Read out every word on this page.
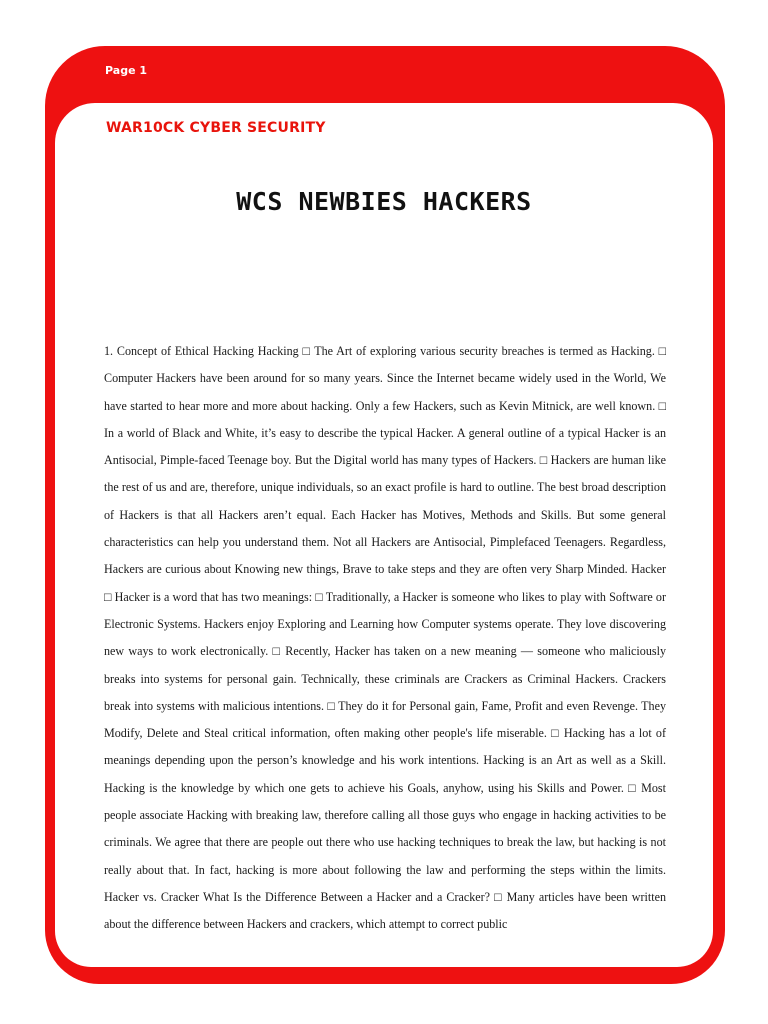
Page 1
WAR10CK CYBER SECURITY
WCS NEWBIES HACKERS

1. Concept of Ethical Hacking Hacking □ The Art of exploring various security breaches is termed as Hacking. □ Computer Hackers have been around for so many years. Since the Internet became widely used in the World, We have started to hear more and more about hacking. Only a few Hackers, such as Kevin Mitnick, are well known. □ In a world of Black and White, it’s easy to describe the typical Hacker. A general outline of a typical Hacker is an Antisocial, Pimple-faced Teenage boy. But the Digital world has many types of Hackers. □ Hackers are human like the rest of us and are, therefore, unique individuals, so an exact profile is hard to outline. The best broad description of Hackers is that all Hackers aren’t equal. Each Hacker has Motives, Methods and Skills. But some general characteristics can help you understand them. Not all Hackers are Antisocial, Pimplefaced Teenagers. Regardless, Hackers are curious about Knowing new things, Brave to take steps and they are often very Sharp Minded. Hacker □ Hacker is a word that has two meanings: □ Traditionally, a Hacker is someone who likes to play with Software or Electronic Systems. Hackers enjoy Exploring and Learning how Computer systems operate. They love discovering new ways to work electronically. □ Recently, Hacker has taken on a new meaning — someone who maliciously breaks into systems for personal gain. Technically, these criminals are Crackers as Criminal Hackers. Crackers break into systems with malicious intentions. □ They do it for Personal gain, Fame, Profit and even Revenge. They Modify, Delete and Steal critical information, often making other people's life miserable. □ Hacking has a lot of meanings depending upon the person’s knowledge and his work intentions. Hacking is an Art as well as a Skill. Hacking is the knowledge by which one gets to achieve his Goals, anyhow, using his Skills and Power. □ Most people associate Hacking with breaking law, therefore calling all those guys who engage in hacking activities to be criminals. We agree that there are people out there who use hacking techniques to break the law, but hacking is not really about that. In fact, hacking is more about following the law and performing the steps within the limits. Hacker vs. Cracker What Is the Difference Between a Hacker and a Cracker? □ Many articles have been written about the difference between Hackers and crackers, which attempt to correct public
